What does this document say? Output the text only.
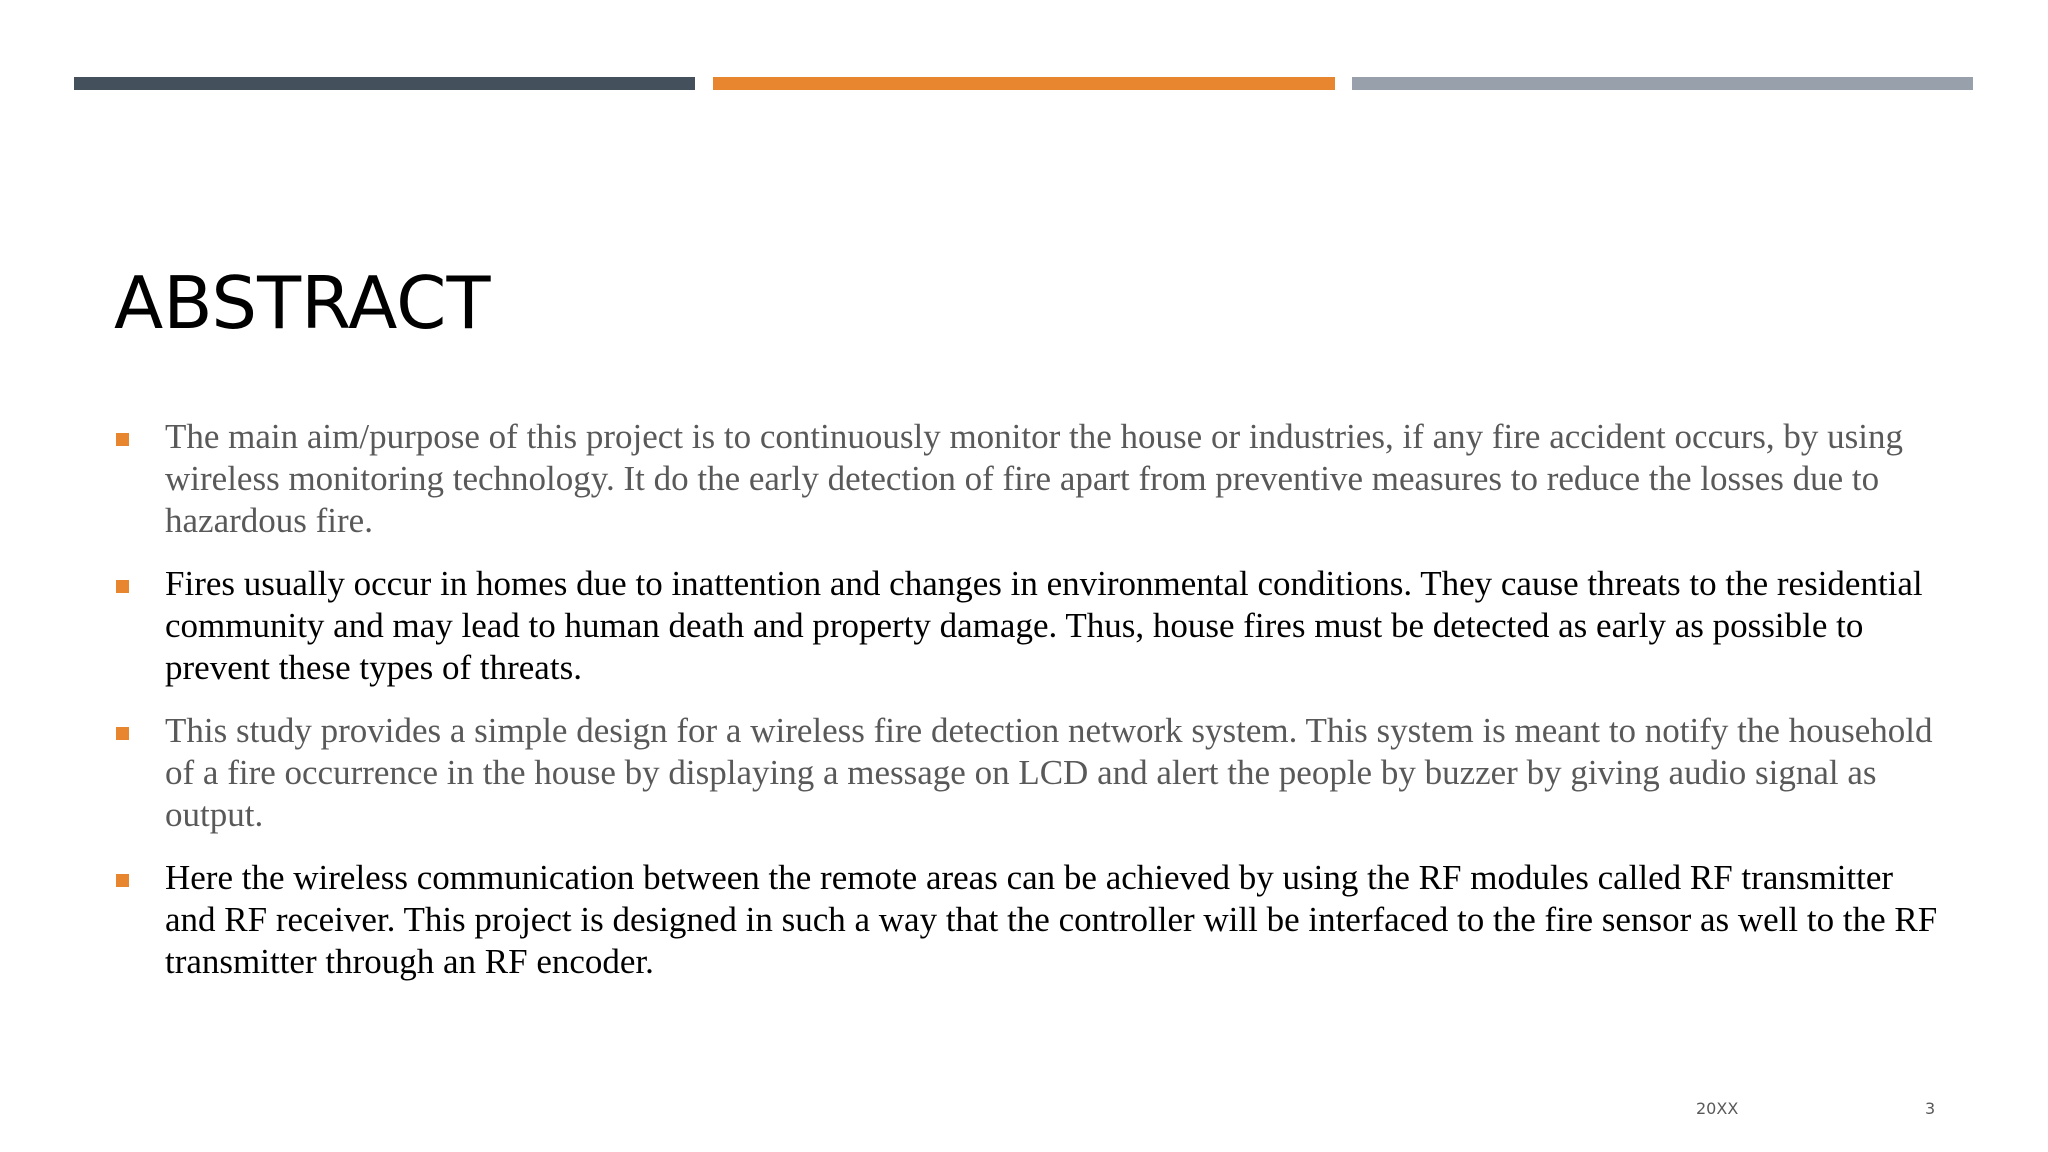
ABSTRACT
The main aim/purpose of this project is to continuously monitor the house or industries, if any fire accident occurs, by using wireless monitoring technology. It do the early detection of fire apart from preventive measures to reduce the losses due to hazardous fire.
Fires usually occur in homes due to inattention and changes in environmental conditions. They cause threats to the residential community and may lead to human death and property damage. Thus, house fires must be detected as early as possible to prevent these types of threats.
This study provides a simple design for a wireless fire detection network system. This system is meant to notify the household of a fire occurrence in the house by displaying a message on LCD and alert the people by buzzer by giving audio signal as output.
Here the wireless communication between the remote areas can be achieved by using the RF modules called RF transmitter and RF receiver. This project is designed in such a way that the controller will be interfaced to the fire sensor as well to the RF transmitter through an RF encoder.
20XX	3
